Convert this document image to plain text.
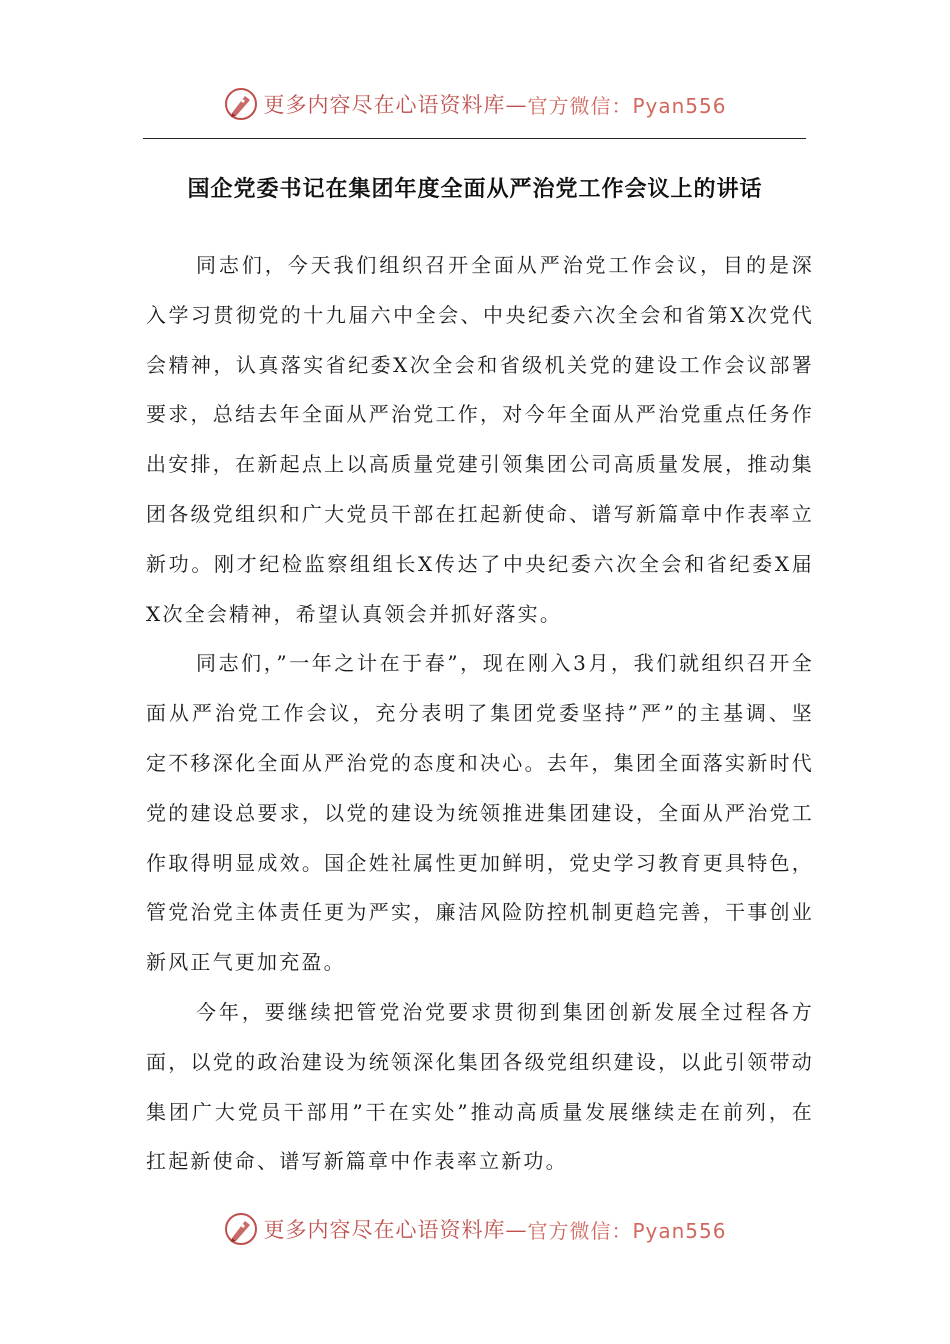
更多内容尽在心语资料库— 官方微信：Pyan556
国企党委书记在集团年度全面从严治党工作会议上的讲话

同志们，今天我们组织召开全面从严治党工作会议，目的是深入学习贯彻党的十九届六中全会、中央纪委六次全会和省第X次党代会精神，认真落实省纪委X次全会和省级机关党的建设工作会议部署要求，总结去年全面从严治党工作，对今年全面从严治党重点任务作出安排，在新起点上以高质量党建引领集团公司高质量发展，推动集团各级党组织和广大党员干部在扛起新使命、谱写新篇章中作表率立新功。刚才纪检监察组组长X传达了中央纪委六次全会和省纪委X届X次全会精神，希望认真领会并抓好落实。

同志们，”一年之计在于春”，现在刚入3月，我们就组织召开全面从严治党工作会议，充分表明了集团党委坚持”严”的主基调、坚定不移深化全面从严治党的态度和决心。去年，集团全面落实新时代党的建设总要求，以党的建设为统领推进集团建设，全面从严治党工作取得明显成效。国企姓社属性更加鲜明，党史学习教育更具特色，管党治党主体责任更为严实，廉洁风险防控机制更趋完善，干事创业新风正气更加充盈。

今年，要继续把管党治党要求贯彻到集团创新发展全过程各方面，以党的政治建设为统领深化集团各级党组织建设，以此引领带动集团广大党员干部用”干在实处”推动高质量发展继续走在前列，在扛起新使命、谱写新篇章中作表率立新功。

更多内容尽在心语资料库— 官方微信：Pyan556
